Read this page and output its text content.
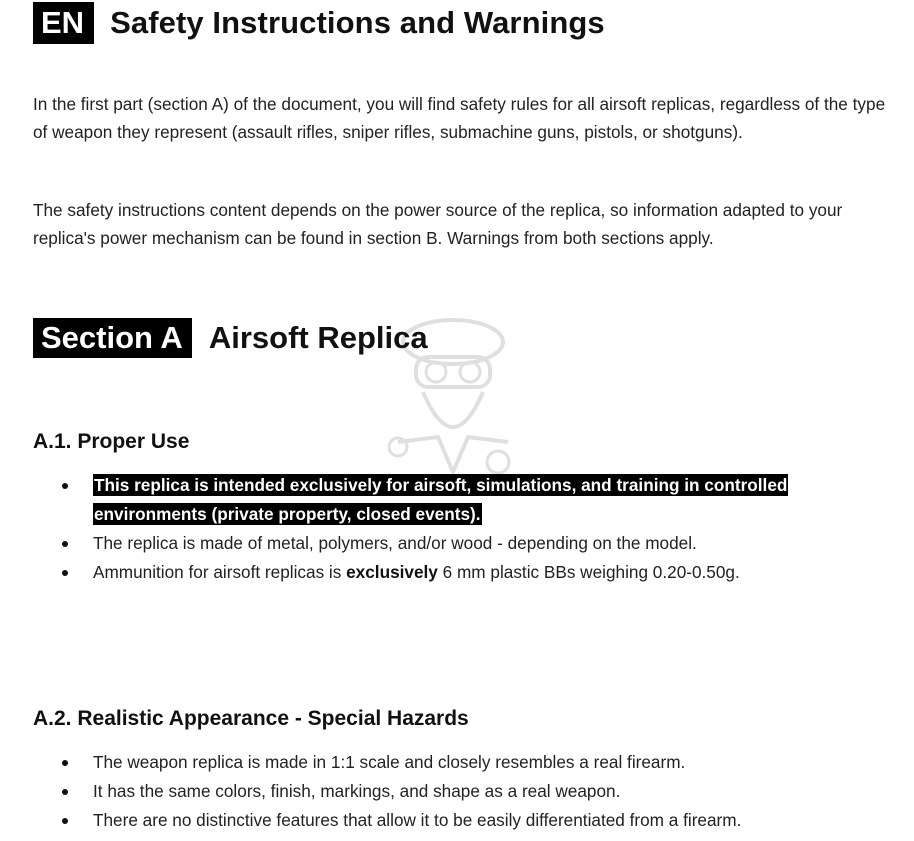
EN Safety Instructions and Warnings

In the first part (section A) of the document, you will find safety rules for all airsoft replicas, regardless of the type of weapon they represent (assault rifles, sniper rifles, submachine guns, pistols, or shotguns).

The safety instructions content depends on the power source of the replica, so information adapted to your replica's power mechanism can be found in section B. Warnings from both sections apply.

Section A Airsoft Replica
A.1. Proper Use
This replica is intended exclusively for airsoft, simulations, and training in controlled environments (private property, closed events).
The replica is made of metal, polymers, and/or wood - depending on the model.
Ammunition for airsoft replicas is exclusively 6 mm plastic BBs weighing 0.20-0.50g.
A.2. Realistic Appearance - Special Hazards
The weapon replica is made in 1:1 scale and closely resembles a real firearm.
It has the same colors, finish, markings, and shape as a real weapon.
There are no distinctive features that allow it to be easily differentiated from a firearm.
